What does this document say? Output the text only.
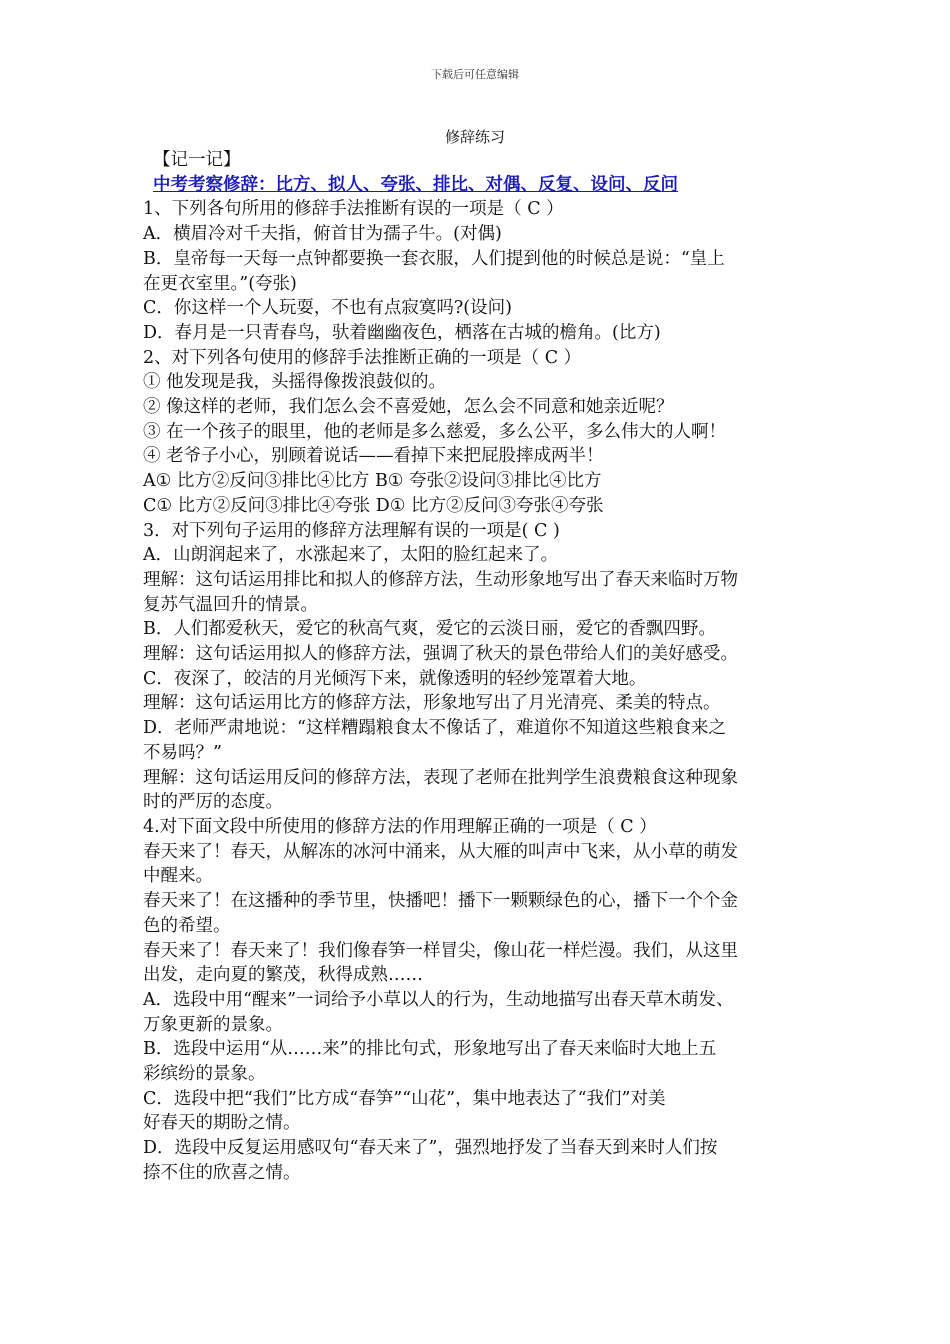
下载后可任意编辑
修辞练习
【记一记】
中考考察修辞：比方、拟人、夸张、排比、对偶、反复、设问、反问
1、下列各句所用的修辞手法推断有误的一项是（ C ）
A．横眉冷对千夫指，俯首甘为孺子牛。(对偶)
B．皇帝每一天每一点钟都要换一套衣服，人们提到他的时候总是说：“皇上
在更衣室里。”(夸张)
C．你这样一个人玩耍，不也有点寂寞吗?(设问)
D．春月是一只青春鸟，驮着幽幽夜色，栖落在古城的檐角。(比方)
2、对下列各句使用的修辞手法推断正确的一项是（ C ）
① 他发现是我，头摇得像拨浪鼓似的。
② 像这样的老师，我们怎么会不喜爱她，怎么会不同意和她亲近呢？
③ 在一个孩子的眼里，他的老师是多么慈爱，多么公平，多么伟大的人啊！
④ 老爷子小心，别顾着说话——看掉下来把屁股摔成两半！
A① 比方②反问③排比④比方 B① 夸张②设问③排比④比方
C① 比方②反问③排比④夸张 D① 比方②反问③夸张④夸张
3．对下列句子运用的修辞方法理解有误的一项是( C )
A．山朗润起来了，水涨起来了，太阳的脸红起来了。
理解：这句话运用排比和拟人的修辞方法，生动形象地写出了春天来临时万物
复苏气温回升的情景。
B．人们都爱秋天，爱它的秋高气爽，爱它的云淡日丽，爱它的香飘四野。
理解：这句话运用拟人的修辞方法，强调了秋天的景色带给人们的美好感受。
C．夜深了，皎洁的月光倾泻下来，就像透明的轻纱笼罩着大地。
理解：这句话运用比方的修辞方法，形象地写出了月光清亮、柔美的特点。
D．老师严肃地说：“这样糟蹋粮食太不像话了，难道你不知道这些粮食来之
不易吗？”
理解：这句话运用反问的修辞方法，表现了老师在批判学生浪费粮食这种现象
时的严厉的态度。
4.对下面文段中所使用的修辞方法的作用理解正确的一项是（ C ）
春天来了！春天，从解冻的冰河中涌来，从大雁的叫声中飞来，从小草的萌发
中醒来。
春天来了！在这播种的季节里，快播吧！播下一颗颗绿色的心，播下一个个金
色的希望。
春天来了！春天来了！我们像春笋一样冒尖，像山花一样烂漫。我们，从这里
出发，走向夏的繁茂，秋得成熟……
A．选段中用“醒来”一词给予小草以人的行为，生动地描写出春天草木萌发、
万象更新的景象。
B．选段中运用“从……来”的排比句式，形象地写出了春天来临时大地上五
彩缤纷的景象。
C．选段中把“我们”比方成“春笋”“山花”，集中地表达了“我们”对美
好春天的期盼之情。
D．选段中反复运用感叹句“春天来了”，强烈地抒发了当春天到来时人们按
捺不住的欣喜之情。
